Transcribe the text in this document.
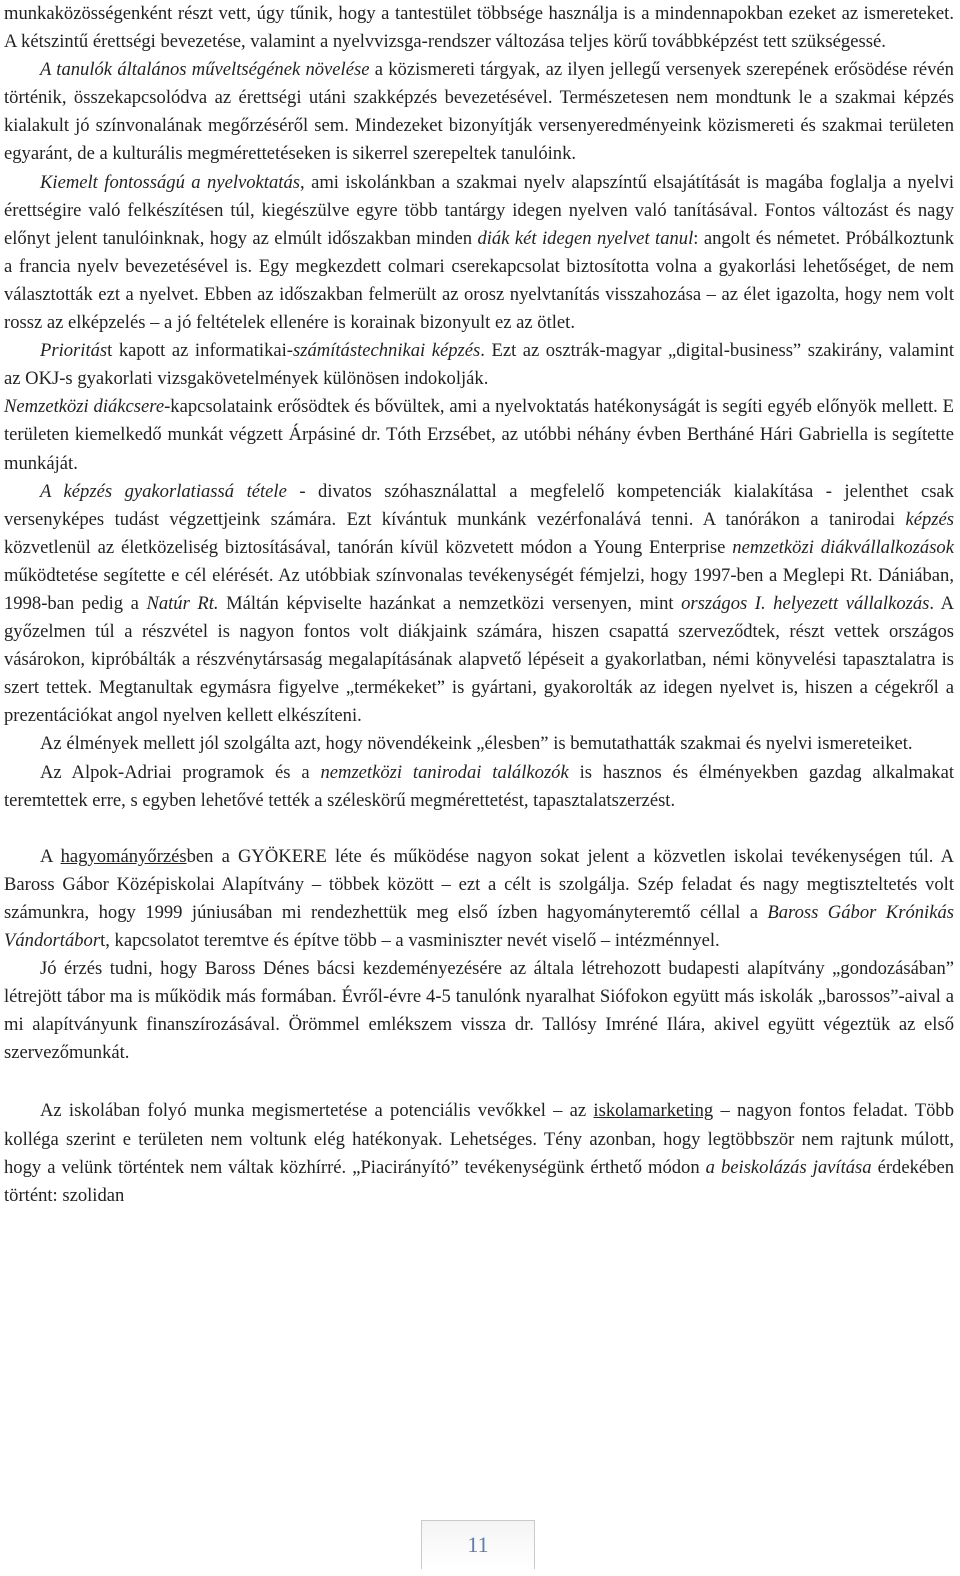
munkaközösségenként részt vett, úgy tűnik, hogy a tantestület többsége használja is a mindennapokban ezeket az ismereteket. A kétszintű érettségi bevezetése, valamint a nyelvvizsga-rendszer változása teljes körű továbbképzést tett szükségessé.

A tanulók általános műveltségének növelése a közismereti tárgyak, az ilyen jellegű versenyek szerepének erősödése révén történik, összekapcsolódva az érettségi utáni szakképzés bevezetésével. Természetesen nem mondtunk le a szakmai képzés kialakult jó színvonalának megőrzéséről sem. Mindezeket bizonyítják versenyeredményeink közismereti és szakmai területen egyaránt, de a kulturális megmérettetéseken is sikerrel szerepeltek tanulóink.

Kiemelt fontosságú a nyelvoktatás, ami iskolánkban a szakmai nyelv alapszíntű elsajátítását is magába foglalja a nyelvi érettségire való felkészítésen túl, kiegészülve egyre több tantárgy idegen nyelven való tanításával. Fontos változást és nagy előnyt jelent tanulóinknak, hogy az elmúlt időszakban minden diák két idegen nyelvet tanul: angolt és németet. Próbálkoztunk a francia nyelv bevezetésével is. Egy megkezdett colmari cserekapcsolat biztosította volna a gyakorlási lehetőséget, de nem választották ezt a nyelvet. Ebben az időszakban felmerült az orosz nyelvtanítás visszahozása – az élet igazolta, hogy nem volt rossz az elképzelés – a jó feltételek ellenére is korainak bizonyult ez az ötlet.

Prioritást kapott az informatikai-számítástechnikai képzés. Ezt az osztrák-magyar „digital-business” szakirány, valamint az OKJ-s gyakorlati vizsgakövetelmények különösen indokolják.

Nemzetközi diákcsere-kapcsolataink erősödtek és bővültek, ami a nyelvoktatás hatékonyságát is segíti egyéb előnyök mellett. E területen kiemelkedő munkát végzett Árpásiné dr. Tóth Erzsébet, az utóbbi néhány évben Bertháné Hári Gabriella is segítette munkáját.

A képzés gyakorlatiassá tétele - divatos szóhasználattal a megfelelő kompetenciák kialakítása - jelenthet csak versenyképes tudást végzettjeink számára. Ezt kívántuk munkánk vezérfonalává tenni. A tanórákon a tanirodai képzés közvetlenül az életközeliség biztosításával, tanórán kívül közvetett módon a Young Enterprise nemzetközi diákvállalkozások működtetése segítette e cél elérését. Az utóbbiak színvonalas tevékenységét fémjelzi, hogy 1997-ben a Meglepi Rt. Dániában, 1998-ban pedig a Natúr Rt. Máltán képviselte hazánkat a nemzetközi versenyen, mint országos I. helyezett vállalkozás. A győzelmen túl a részvétel is nagyon fontos volt diákjaink számára, hiszen csapattá szerveződtek, részt vettek országos vásárokon, kipróbálták a részvénytársaság megalapításának alapvető lépéseit a gyakorlatban, némi könyvelési tapasztalatra is szert tettek. Megtanultak egymásra figyelve „termékeket” is gyártani, gyakorolták az idegen nyelvet is, hiszen a cégekről a prezentációkat angol nyelven kellett elkészíteni.

Az élmények mellett jól szolgálta azt, hogy növendékeink „élesben” is bemutathatták szakmai és nyelvi ismereteiket.

Az Alpok-Adriai programok és a nemzetközi tanirodai találkozók is hasznos és élményekben gazdag alkalmakat teremtettek erre, s egyben lehetővé tették a széleskörű megmérettetést, tapasztalatszerzést.

A hagyományőrzésben a GYÖKERE léte és működése nagyon sokat jelent a közvetlen iskolai tevékenységen túl. A Baross Gábor Középiskolai Alapítvány – többek között – ezt a célt is szolgálja. Szép feladat és nagy megtiszteltetés volt számunkra, hogy 1999 júniusában mi rendezhettük meg első ízben hagyományteremtő céllal a Baross Gábor Krónikás Vándortábort, kapcsolatot teremtve és építve több – a vasminiszter nevét viselő – intézménnyel.

Jó érzés tudni, hogy Baross Dénes bácsi kezdeményezésére az általa létrehozott budapesti alapítvány „gondozásában” létrejött tábor ma is működik más formában. Évről-évre 4-5 tanulónk nyaralhat Siófokon együtt más iskolák „barossos”-aival a mi alapítványunk finanszírozásával. Örömmel emlékszem vissza dr. Tallósy Imréné Ilára, akivel együtt végeztük az első szervezőmunkát.

Az iskolában folyó munka megismertetése a potenciális vevőkkel – az iskolamarketing – nagyon fontos feladat. Több kolléga szerint e területen nem voltunk elég hatékonyak. Lehetséges. Tény azonban, hogy legtöbbször nem rajtunk múlott, hogy a velünk történtek nem váltak közhírré. „Piacirányító” tevékenységünk érthető módon a beiskolázás javítása érdekében történt: szolidan

11
